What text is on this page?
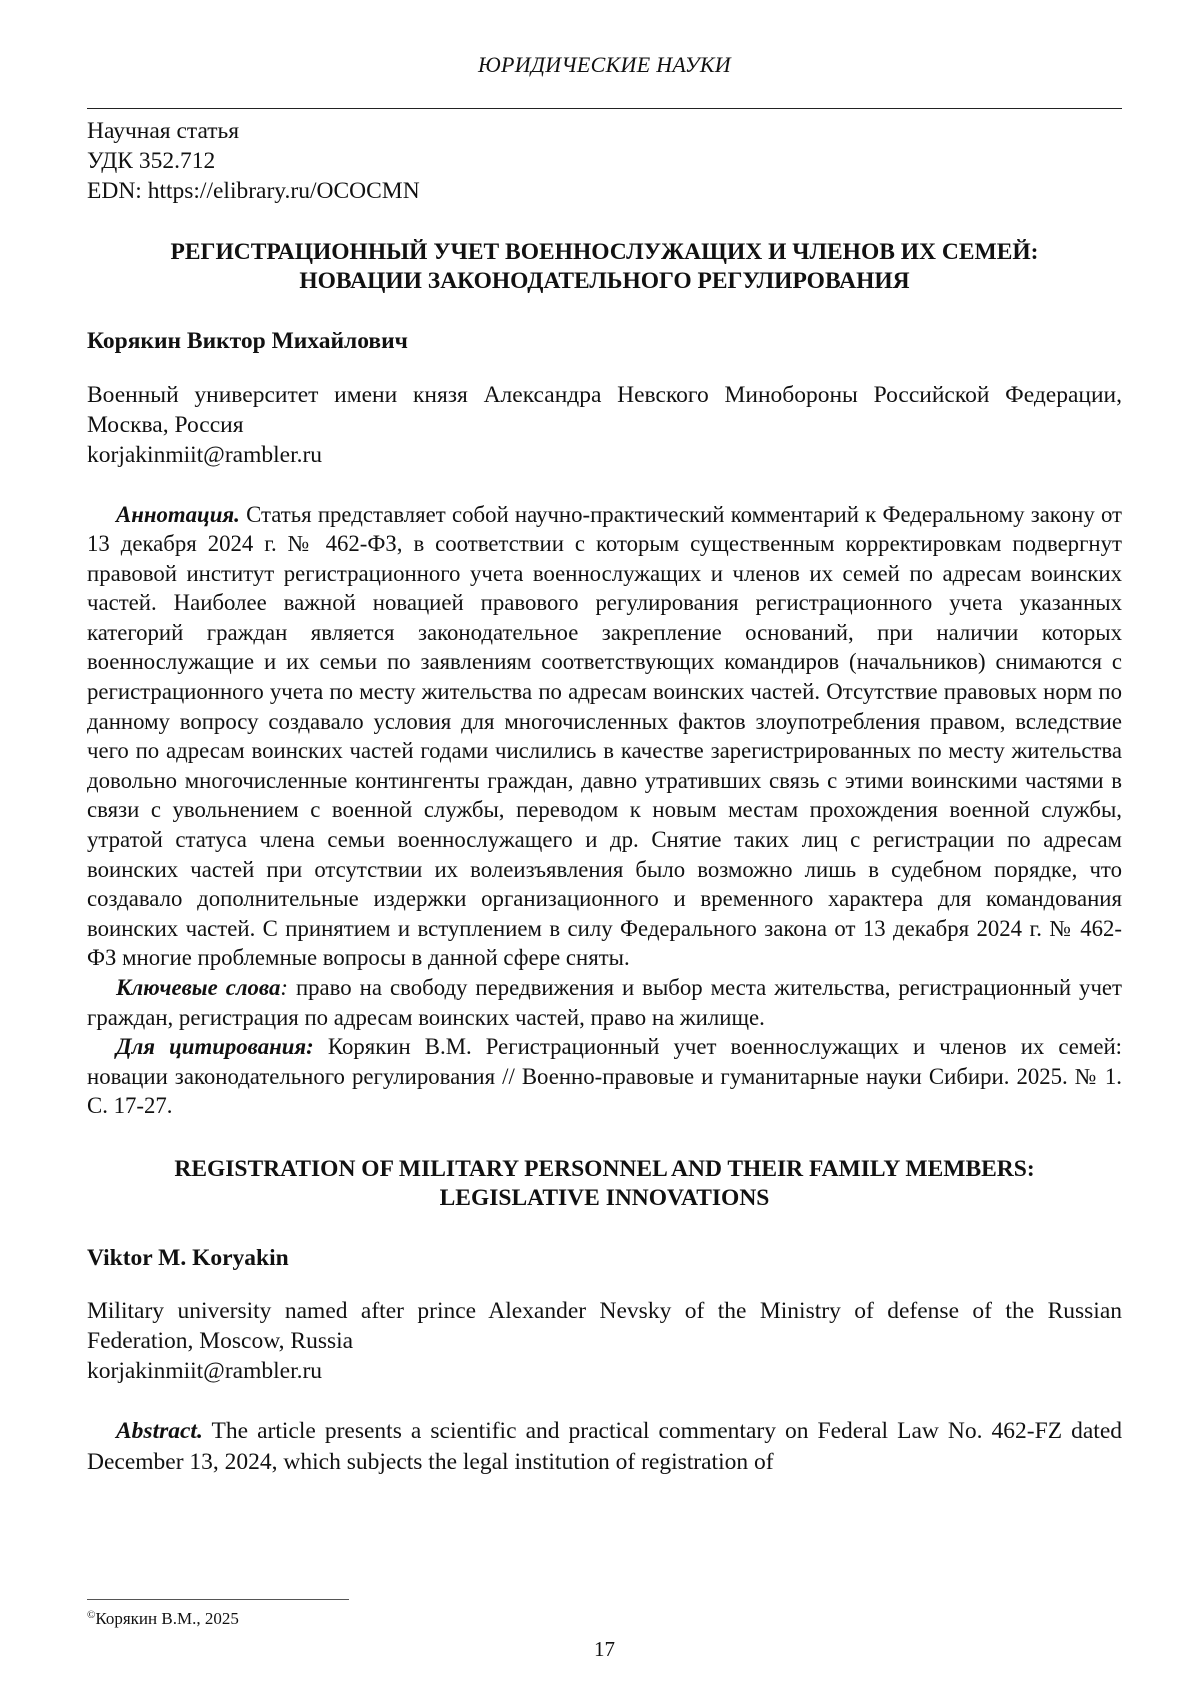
ЮРИДИЧЕСКИЕ НАУКИ

Научная статья

УДК 352.712

EDN: https://elibrary.ru/OCOCMN

РЕГИСТРАЦИОННЫЙ УЧЕТ ВОЕННОСЛУЖАЩИХ И ЧЛЕНОВ ИХ СЕМЕЙ:
НОВАЦИИ ЗАКОНОДАТЕЛЬНОГО РЕГУЛИРОВАНИЯ

Корякин Виктор Михайлович

Военный университет имени князя Александра Невского Минобороны Российской Федерации, Москва, Россия

korjakinmiit@rambler.ru

Аннотация. Статья представляет собой научно-практический комментарий к Федеральному закону от 13 декабря 2024 г. № 462-ФЗ, в соответствии с которым существенным корректировкам подвергнут правовой институт регистрационного учета военнослужащих и членов их семей по адресам воинских частей. Наиболее важной новацией правового регулирования регистрационного учета указанных категорий граждан является законодательное закрепление оснований, при наличии которых военнослужащие и их семьи по заявлениям соответствующих командиров (начальников) снимаются с регистрационного учета по месту жительства по адресам воинских частей. Отсутствие правовых норм по данному вопросу создавало условия для многочисленных фактов злоупотребления правом, вследствие чего по адресам воинских частей годами числились в качестве зарегистрированных по месту жительства довольно многочисленные контингенты граждан, давно утративших связь с этими воинскими частями в связи с увольнением с военной службы, переводом к новым местам прохождения военной службы, утратой статуса члена семьи военнослужащего и др. Снятие таких лиц с регистрации по адресам воинских частей при отсутствии их волеизъявления было возможно лишь в судебном порядке, что создавало дополнительные издержки организационного и временного характера для командования воинских частей. С принятием и вступлением в силу Федерального закона от 13 декабря 2024 г. № 462-ФЗ многие проблемные вопросы в данной сфере сняты.

Ключевые слова: право на свободу передвижения и выбор места жительства, регистрационный учет граждан, регистрация по адресам воинских частей, право на жилище.

Для цитирования: Корякин В.М. Регистрационный учет военнослужащих и членов их семей: новации законодательного регулирования // Военно-правовые и гуманитарные науки Сибири. 2025. № 1. С. 17-27.

REGISTRATION OF MILITARY PERSONNEL AND THEIR FAMILY MEMBERS:
LEGISLATIVE INNOVATIONS

Viktor M. Koryakin

Military university named after prince Alexander Nevsky of the Ministry of defense of the Russian Federation, Moscow, Russia

korjakinmiit@rambler.ru

Abstract. The article presents a scientific and practical commentary on Federal Law No. 462-FZ dated December 13, 2024, which subjects the legal institution of registration of

©Корякин В.М., 2025
17
